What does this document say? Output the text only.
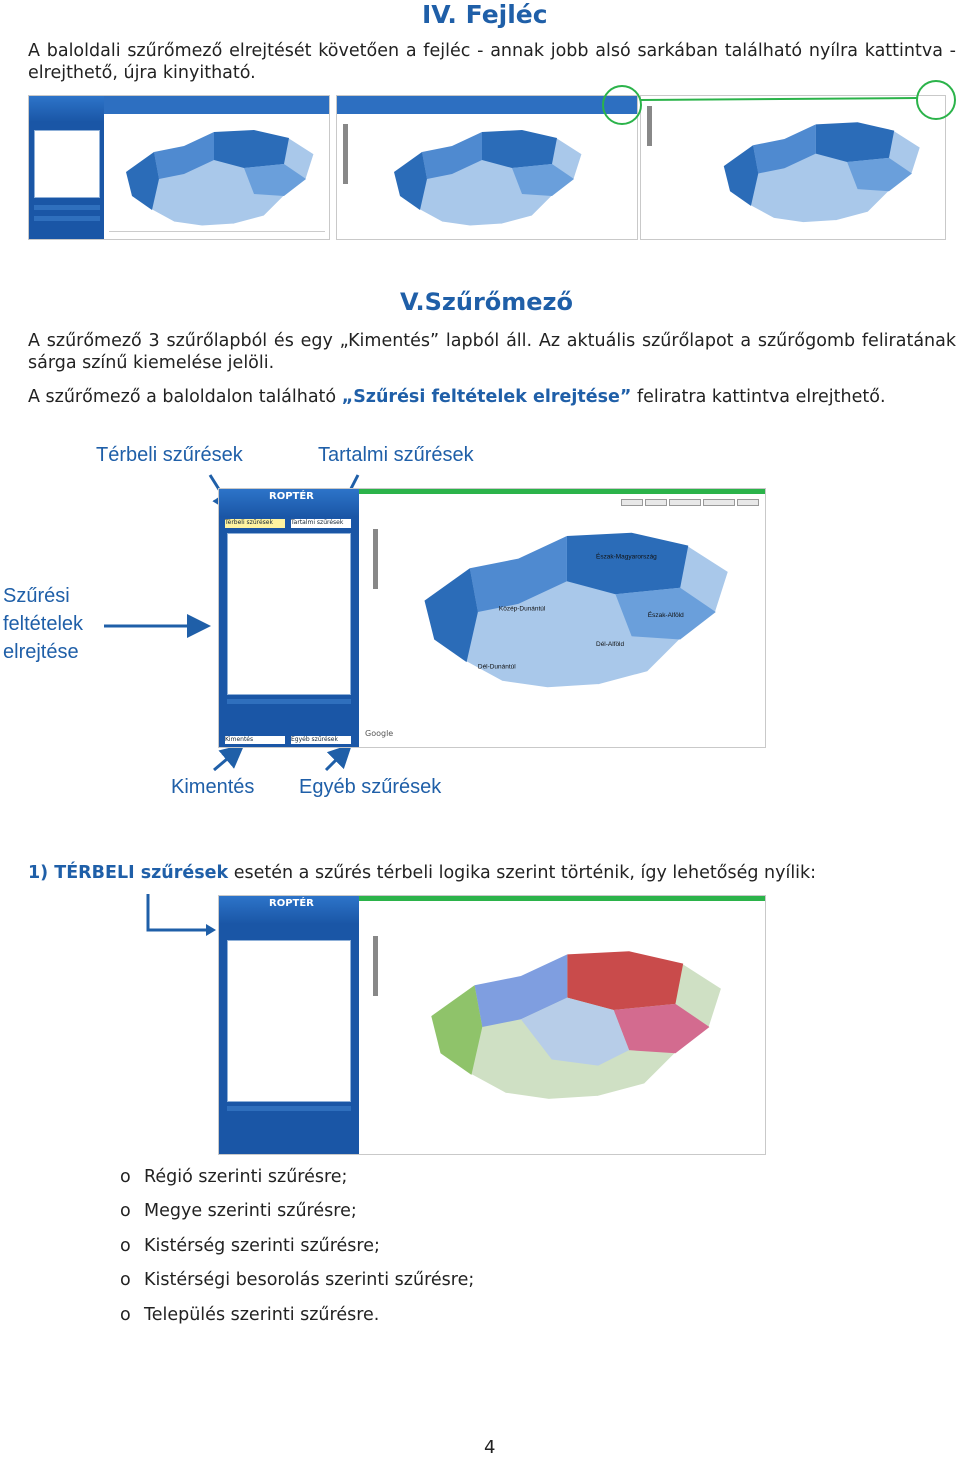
IV. Fejléc
A baloldali szűrőmező elrejtését követően a fejléc - annak jobb alsó sarkában található nyílra kattintva - elrejthető, újra kinyitható.
V.Szűrőmező
A szűrőmező 3 szűrőlapból és egy „Kimentés” lapból áll. Az aktuális szűrőlapot a szűrőgomb feliratának sárga színű kiemelése jelöli.
A szűrőmező a baloldalon található „Szűrési feltételek elrejtése” feliratra kattintva elrejthető.
Térbeli szűrések	Tartalmi szűrések
Szűrési
feltételek
elrejtése
Kimentés Egyéb szűrések
ROPTÉR
Térbeli szűrések	Tartalmi szűrések
Kimentés	Egyéb szűrések
Észak-Magyarország
Észak-Alföld
Közép-Dunántúl
Dél-Alföld
Dél-Dunántúl
Google
1) TÉRBELI szűrések esetén a szűrés térbeli logika szerint történik, így lehetőség nyílik:
ROPTÉR
o Régió szerinti szűrésre;
o Megye szerinti szűrésre;
o Kistérség szerinti szűrésre;
o Kistérségi besorolás szerinti szűrésre;
o Település szerinti szűrésre.
4
